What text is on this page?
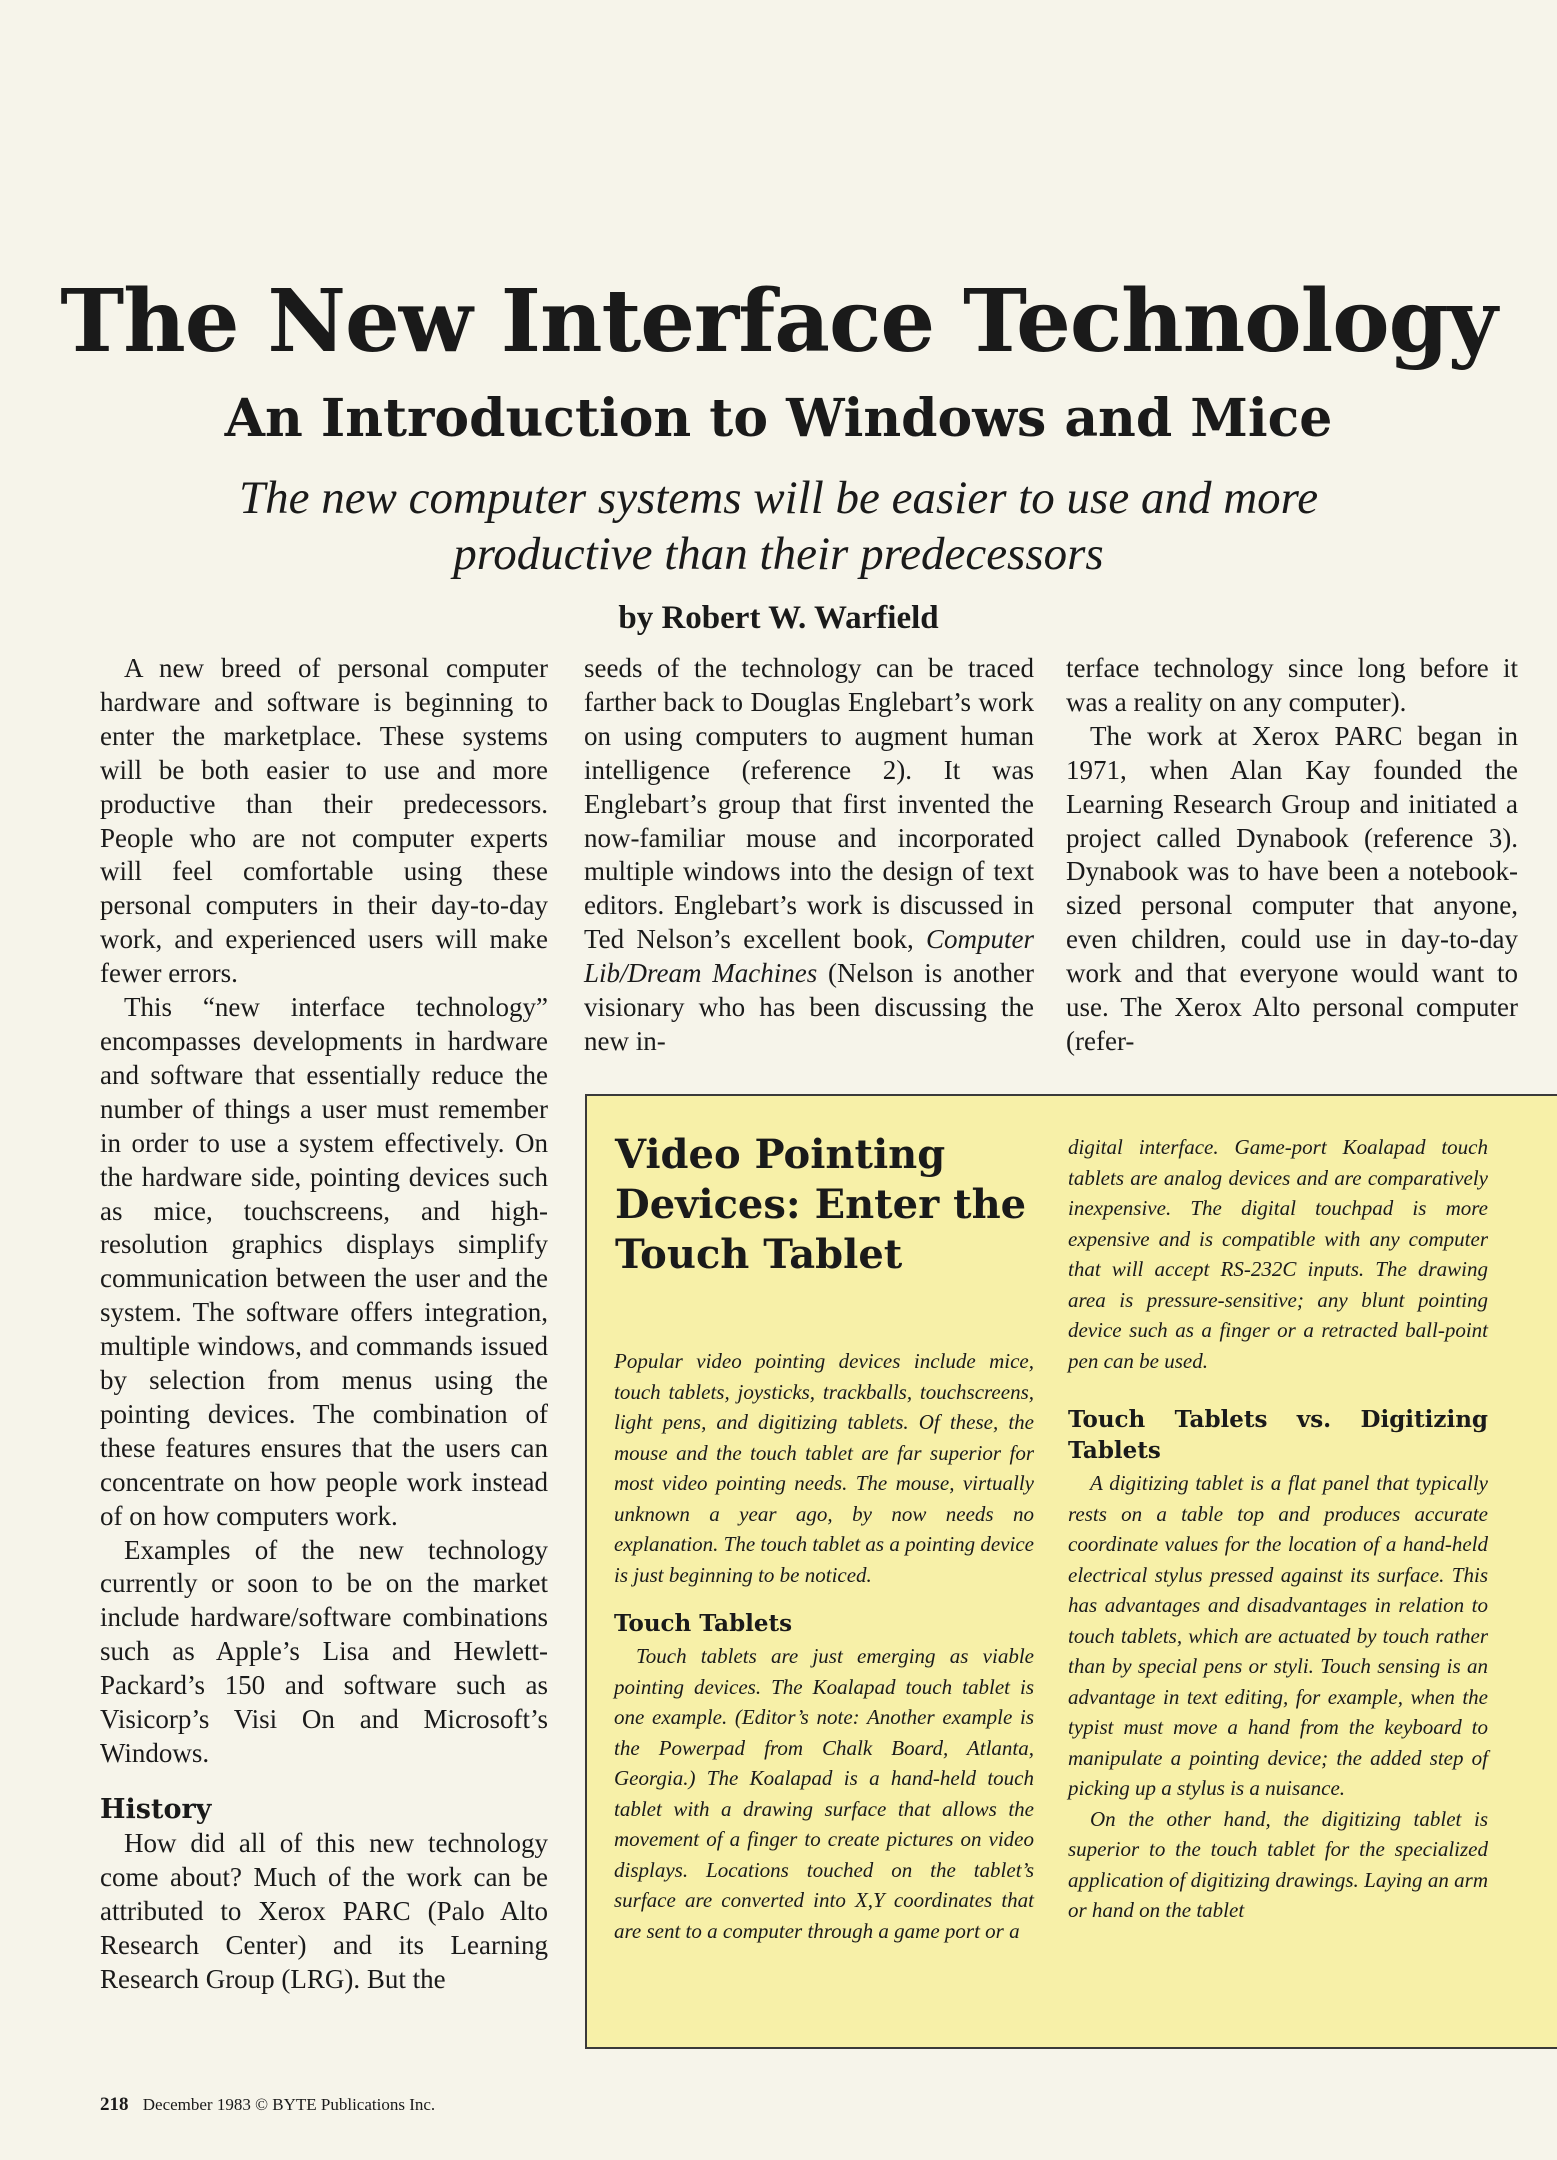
The New Interface Technology
An Introduction to Windows and Mice

The new computer systems will be easier to use and more productive than their predecessors

by Robert W. Warfield

A new breed of personal computer hardware and software is beginning to enter the marketplace. These systems will be both easier to use and more productive than their predecessors. People who are not computer experts will feel comfortable using these personal computers in their day-to-day work, and experienced users will make fewer errors.

This “new interface technology” encompasses developments in hardware and software that essentially reduce the number of things a user must remember in order to use a system effectively. On the hardware side, pointing devices such as mice, touchscreens, and high-resolution graphics displays simplify communication between the user and the system. The software offers integration, multiple windows, and commands issued by selection from menus using the pointing devices. The combination of these features ensures that the users can concentrate on how people work instead of on how computers work.

Examples of the new technology currently or soon to be on the market include hardware/software combinations such as Apple’s Lisa and Hewlett-Packard’s 150 and software such as Visicorp’s Visi On and Microsoft’s Windows.

History

How did all of this new technology come about? Much of the work can be attributed to Xerox PARC (Palo Alto Research Center) and its Learning Research Group (LRG). But the

seeds of the technology can be traced farther back to Douglas Englebart’s work on using computers to augment human intelligence (reference 2). It was Englebart’s group that first invented the now-familiar mouse and incorporated multiple windows into the design of text editors. Englebart’s work is discussed in Ted Nelson’s excellent book, Computer Lib/Dream Machines (Nelson is another visionary who has been discussing the new in-

terface technology since long before it was a reality on any computer).

The work at Xerox PARC began in 1971, when Alan Kay founded the Learning Research Group and initiated a project called Dynabook (reference 3). Dynabook was to have been a notebook-sized personal computer that anyone, even children, could use in day-to-day work and that everyone would want to use. The Xerox Alto personal computer (refer-

Video Pointing Devices: Enter the Touch Tablet

Popular video pointing devices include mice, touch tablets, joysticks, trackballs, touchscreens, light pens, and digitizing tablets. Of these, the mouse and the touch tablet are far superior for most video pointing needs. The mouse, virtually unknown a year ago, by now needs no explanation. The touch tablet as a pointing device is just beginning to be noticed.

Touch Tablets

Touch tablets are just emerging as viable pointing devices. The Koalapad touch tablet is one example. (Editor’s note: Another example is the Powerpad from Chalk Board, Atlanta, Georgia.) The Koalapad is a hand-held touch tablet with a drawing surface that allows the movement of a finger to create pictures on video displays. Locations touched on the tablet’s surface are converted into X,Y coordinates that are sent to a computer through a game port or a

digital interface. Game-port Koalapad touch tablets are analog devices and are comparatively inexpensive. The digital touchpad is more expensive and is compatible with any computer that will accept RS-232C inputs. The drawing area is pressure-sensitive; any blunt pointing device such as a finger or a retracted ball-point pen can be used.

Touch Tablets vs. Digitizing Tablets

A digitizing tablet is a flat panel that typically rests on a table top and produces accurate coordinate values for the location of a hand-held electrical stylus pressed against its surface. This has advantages and disadvantages in relation to touch tablets, which are actuated by touch rather than by special pens or styli. Touch sensing is an advantage in text editing, for example, when the typist must move a hand from the keyboard to manipulate a pointing device; the added step of picking up a stylus is a nuisance.

On the other hand, the digitizing tablet is superior to the touch tablet for the specialized application of digitizing drawings. Laying an arm or hand on the tablet

218 December 1983 © BYTE Publications Inc.
